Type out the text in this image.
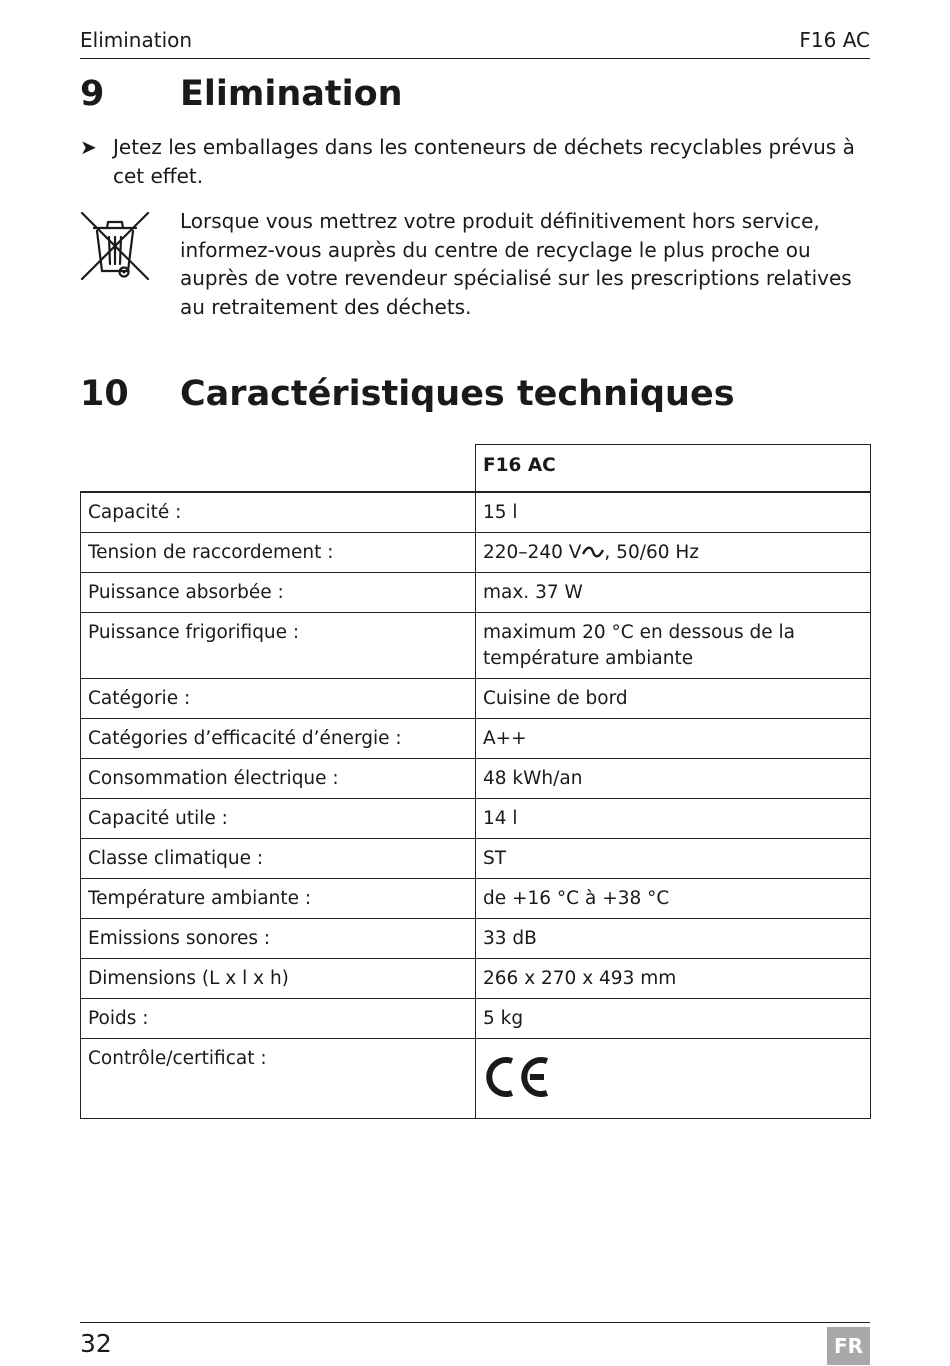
Elimination	F16 AC
9 Elimination
➤ Jetez les emballages dans les conteneurs de déchets recyclables prévus à cet effet.
Lorsque vous mettrez votre produit définitivement hors service, informez-vous auprès du centre de recyclage le plus proche ou auprès de votre revendeur spécialisé sur les prescriptions relatives au retraitement des déchets.
10 Caractéristiques techniques
	F16 AC
Capacité :	15 l
Tension de raccordement :	220–240 V , 50/60 Hz
Puissance absorbée :	max. 37 W
Puissance frigorifique :	maximum 20 °C en dessous de la température ambiante
Catégorie :	Cuisine de bord
Catégories d’efficacité d’énergie :	A++
Consommation électrique :	48 kWh/an
Capacité utile :	14 l
Classe climatique :	ST
Température ambiante :	de +16 °C à +38 °C
Emissions sonores :	33 dB
Dimensions (L x l x h)	266 x 270 x 493 mm
Poids :	5 kg
Contrôle/certificat :	
32	FR
